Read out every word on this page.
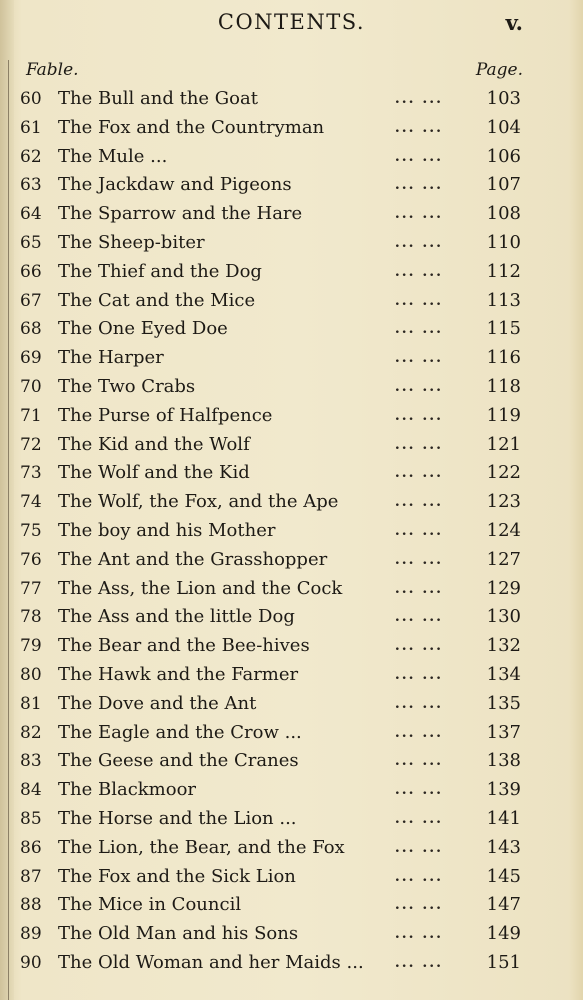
CONTENTS.	v.
Fable.	Page.
60 The Bull and the Goat	... ...	103
61 The Fox and the Countryman	... ...	104
62 The Mule ...	... ...	106
63 The Jackdaw and Pigeons	... ...	107
64 The Sparrow and the Hare	... ...	108
65 The Sheep-biter	... ...	110
66 The Thief and the Dog	... ...	112
67 The Cat and the Mice	... ...	113
68 The One Eyed Doe	... ...	115
69 The Harper	... ...	116
70 The Two Crabs	... ...	118
71 The Purse of Halfpence	... ...	119
72 The Kid and the Wolf	... ...	121
73 The Wolf and the Kid	... ...	122
74 The Wolf, the Fox, and the Ape	... ...	123
75 The boy and his Mother	... ...	124
76 The Ant and the Grasshopper	... ...	127
77 The Ass, the Lion and the Cock	... ...	129
78 The Ass and the little Dog	... ...	130
79 The Bear and the Bee-hives	... ...	132
80 The Hawk and the Farmer	... ...	134
81 The Dove and the Ant	... ...	135
82 The Eagle and the Crow ...	... ...	137
83 The Geese and the Cranes	... ...	138
84 The Blackmoor	... ...	139
85 The Horse and the Lion ...	... ...	141
86 The Lion, the Bear, and the Fox	... ...	143
87 The Fox and the Sick Lion	... ...	145
88 The Mice in Council	... ...	147
89 The Old Man and his Sons	... ...	149
90 The Old Woman and her Maids ...	... ...	151
